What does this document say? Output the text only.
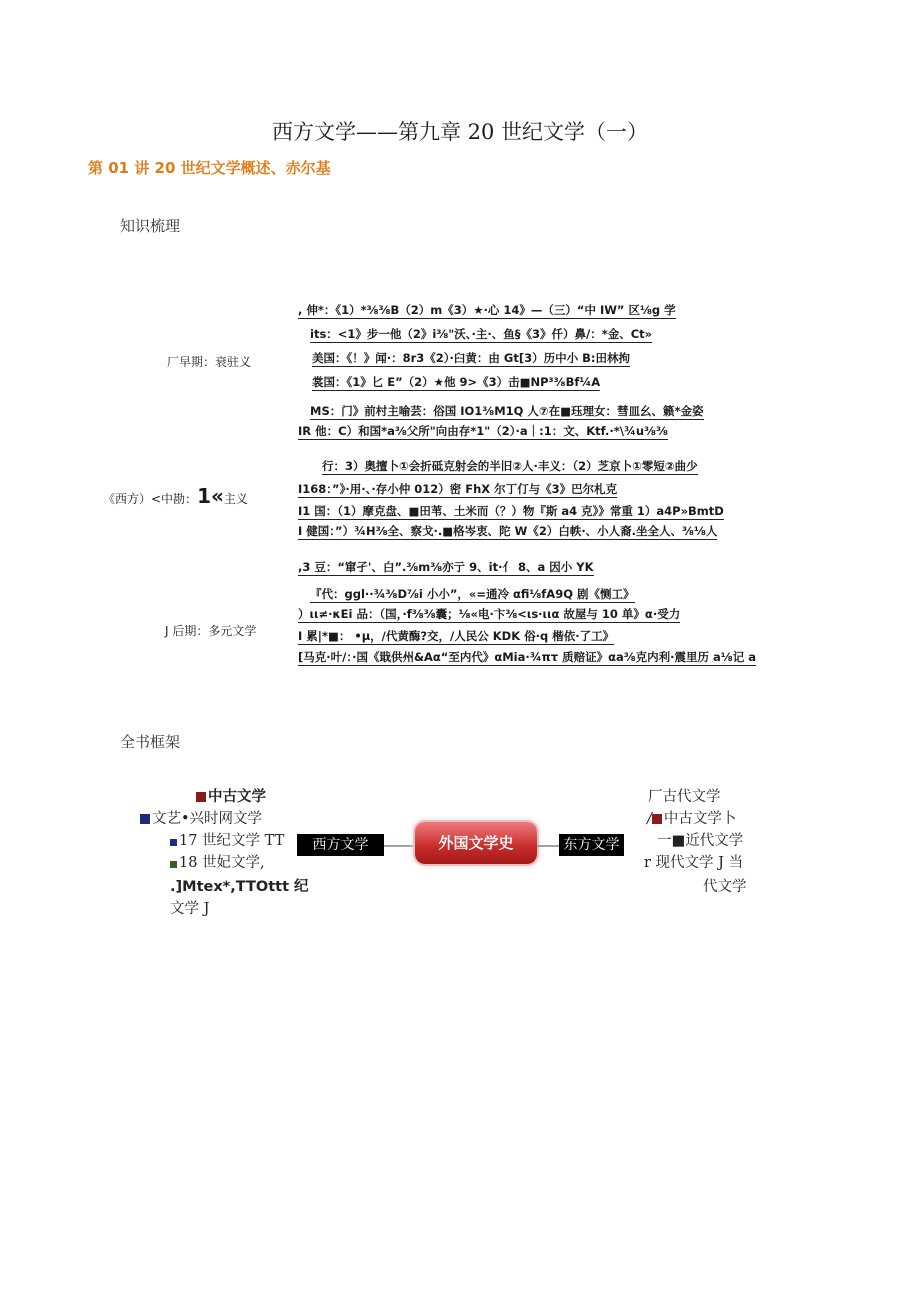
西方文学——第九章 20 世纪文学（一）
第 01 讲 20 世纪文学概述、赤尔基
知识梳理
厂早期：衰驻义
《西方）<中勘：1«主义
J 后期：多元文学
, 伸*：《1）*⅜⅜B（2）m《3）★·心 14》—（三）“中 IW” 区⅛g 学
its：<1》步一他（2》i⅜"沃、·主·、鱼§《3》仟）鼻/：*金、Ct»
美国：《！》闻·：8r3《2）·臼黄：由 Gt[3）历中小 B:田林拘
裳国：《1》匕 E”（2）★他 9>《3）击■NP³³⁄₈Bf¼A
MS：门》前村主喻芸：俗国 IO1⅜M1Q 人⑦在■珏理女：彗皿幺、籁*金姿
IR 他：C）和国*a⅜父所"向由存*1"（2）·a｜:1：文、Ktf.·*\¾u⅜⅜
行：3）奥擅卜①会折砥克射会的半旧②人·丰义：（2）芝京卜①零短②曲少
I168：”》·用·、·存小仲 012）密 FhX 尔丁仃与《3》巴尔札克
I1 国：（1）摩克盘、■田苇、土米而（？）物『斯 a4 克》》常重 1）a4P»BmtD
I 健国：”）¾H⅜全、察戈·.■格岑衷、陀 W《2）白帙·、小人裔.坐全人、⅜⅛人
,3 豆：“窜孑'、白”.⅜m⅜亦亍 9、it·亻 8、a 因小 YK
『代：ggl··¾⅜D⅞i 小小”，«=通冷 αfi⅛fA9Q 剧《恻工》
）ιι≠·κEi 品：（国，·f⅜⅜囊；⅛«电·卞⅜<ιs·ιια 故屋与 10 单》α·受力
I 累|*■： •μ，/代黄酶?交，/人民公 KDK 俗·q 楷依·了工》
[马克·叶/：·国《戢供州&Aα“至内代》αMia·¾πτ 质赔证》αa⅜克内利·震里历 a⅛记 a
全书框架
中古文学
文艺•兴时网文学
17 世纪文学 TT
18 世妃文学,
.]Mtex*,TTOttt 纪
文学 J
西方文学	外国文学史	东方文学
厂古代文学
/ 中古文学卜
一■近代文学
r 现代文学 J 当
代文学
